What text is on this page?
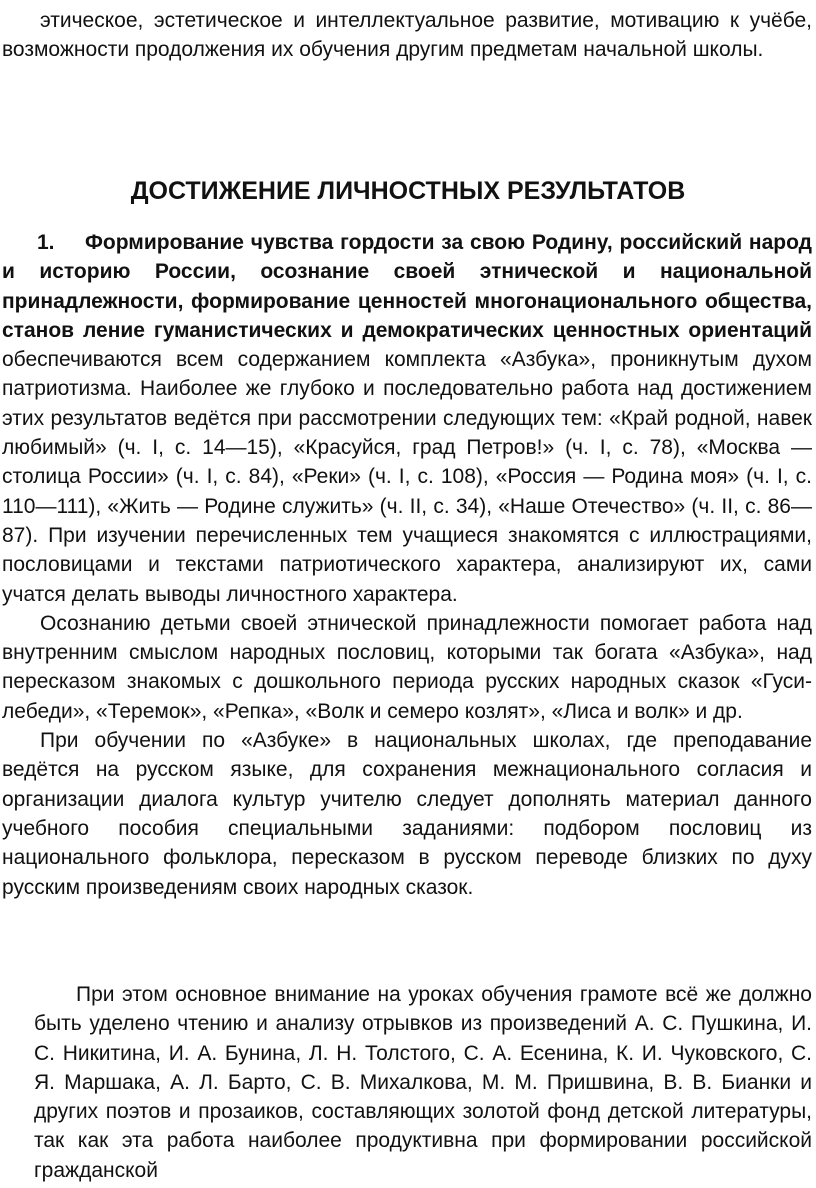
этическое, эстетическое и интеллектуальное развитие, мотивацию к учёбе, возможности продолжения их обучения другим предметам начальной школы.

ДОСТИЖЕНИЕ ЛИЧНОСТНЫХ РЕЗУЛЬТАТОВ

1. Формирование чувства гордости за свою Родину, российский народ и историю России, осознание своей этнической и национальной принадлежности, формирование ценностей многонационального общества, станов ление гуманистических и демократических ценностных ориентаций обеспечиваются всем содержанием комплекта «Азбука», проникнутым духом патриотизма. Наиболее же глубоко и последовательно работа над достижением этих результатов ведётся при рассмотрении следующих тем: «Край родной, навек любимый» (ч. I, с. 14—15), «Красуйся, град Петров!» (ч. I, с. 78), «Москва — столица России» (ч. I, с. 84), «Реки» (ч. I, с. 108), «Россия — Родина моя» (ч. I, с. 110—111), «Жить — Родине служить» (ч. II, с. 34), «Наше Отечество» (ч. II, с. 86—87). При изучении перечисленных тем учащиеся знакомятся с иллюстрациями, пословицами и текстами патриотического характера, анализируют их, сами учатся делать выводы личностного характера.

Осознанию детьми своей этнической принадлежности помогает работа над внутренним смыслом народных пословиц, которыми так богата «Азбука», над пересказом знакомых с дошкольного периода русских народных сказок «Гуси-лебеди», «Теремок», «Репка», «Волк и семеро козлят», «Лиса и волк» и др.

При обучении по «Азбуке» в национальных школах, где преподавание ведётся на русском языке, для сохранения межнационального согласия и организации диалога культур учителю следует дополнять материал данного учебного пособия специальными заданиями: подбором пословиц из национального фольклора, пересказом в русском переводе близких по духу русским произведениям своих народных сказок.

При этом основное внимание на уроках обучения грамоте всё же должно быть уделено чтению и анализу отрывков из произведений А. С. Пушкина, И. С. Никитина, И. А. Бунина, Л. Н. Толстого, С. А. Есенина, К. И. Чуковского, С. Я. Маршака, А. Л. Барто, С. В. Михалкова, М. М. Пришвина, В. В. Бианки и других поэтов и прозаиков, составляющих золотой фонд детской литературы, так как эта работа наиболее продуктивна при формировании российской гражданской
